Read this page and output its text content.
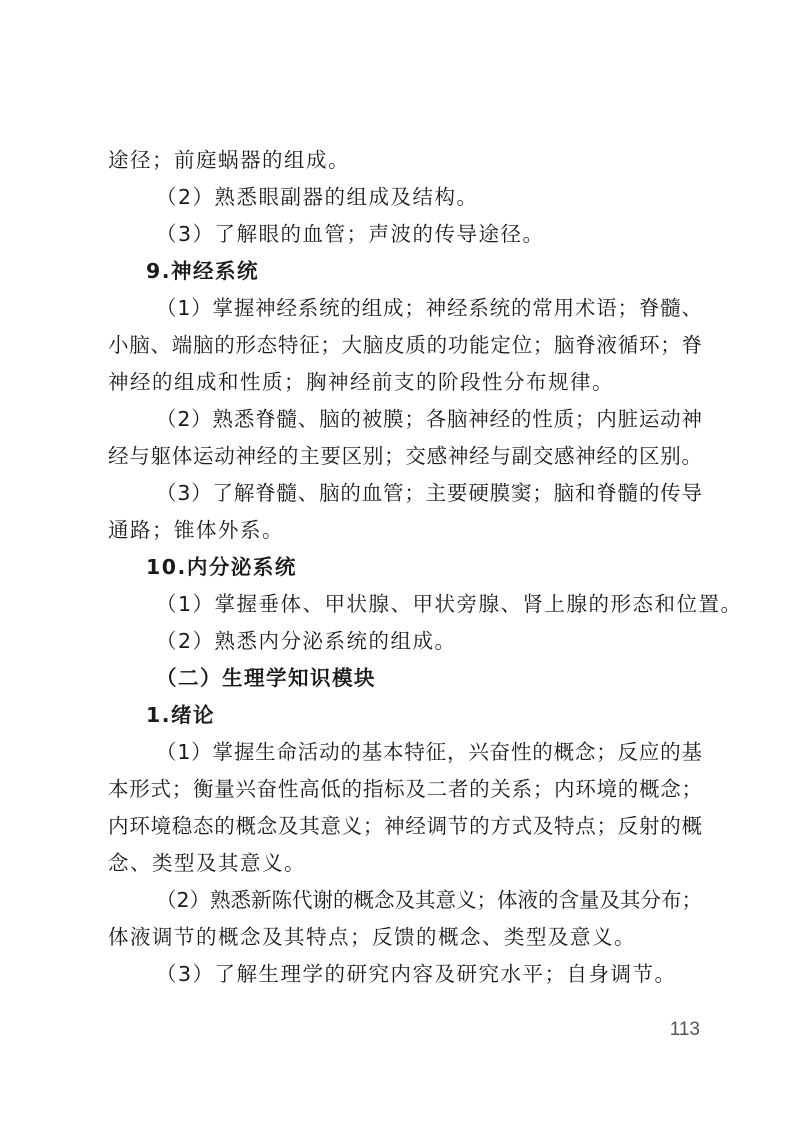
途径；前庭蜗器的组成。
（2）熟悉眼副器的组成及结构。
（3）了解眼的血管；声波的传导途径。
9.神经系统
（1）掌握神经系统的组成；神经系统的常用术语；脊髓、
小脑、端脑的形态特征；大脑皮质的功能定位；脑脊液循环；脊
神经的组成和性质；胸神经前支的阶段性分布规律。
（2）熟悉脊髓、脑的被膜；各脑神经的性质；内脏运动神
经与躯体运动神经的主要区别；交感神经与副交感神经的区别。
（3）了解脊髓、脑的血管；主要硬膜窦；脑和脊髓的传导
通路；锥体外系。
10.内分泌系统
（1）掌握垂体、甲状腺、甲状旁腺、肾上腺的形态和位置。
（2）熟悉内分泌系统的组成。
（二）生理学知识模块
1.绪论
（1）掌握生命活动的基本特征，兴奋性的概念；反应的基
本形式；衡量兴奋性高低的指标及二者的关系；内环境的概念；
内环境稳态的概念及其意义；神经调节的方式及特点；反射的概
念、类型及其意义。
（2）熟悉新陈代谢的概念及其意义；体液的含量及其分布；
体液调节的概念及其特点；反馈的概念、类型及意义。
（3）了解生理学的研究内容及研究水平；自身调节。
113
